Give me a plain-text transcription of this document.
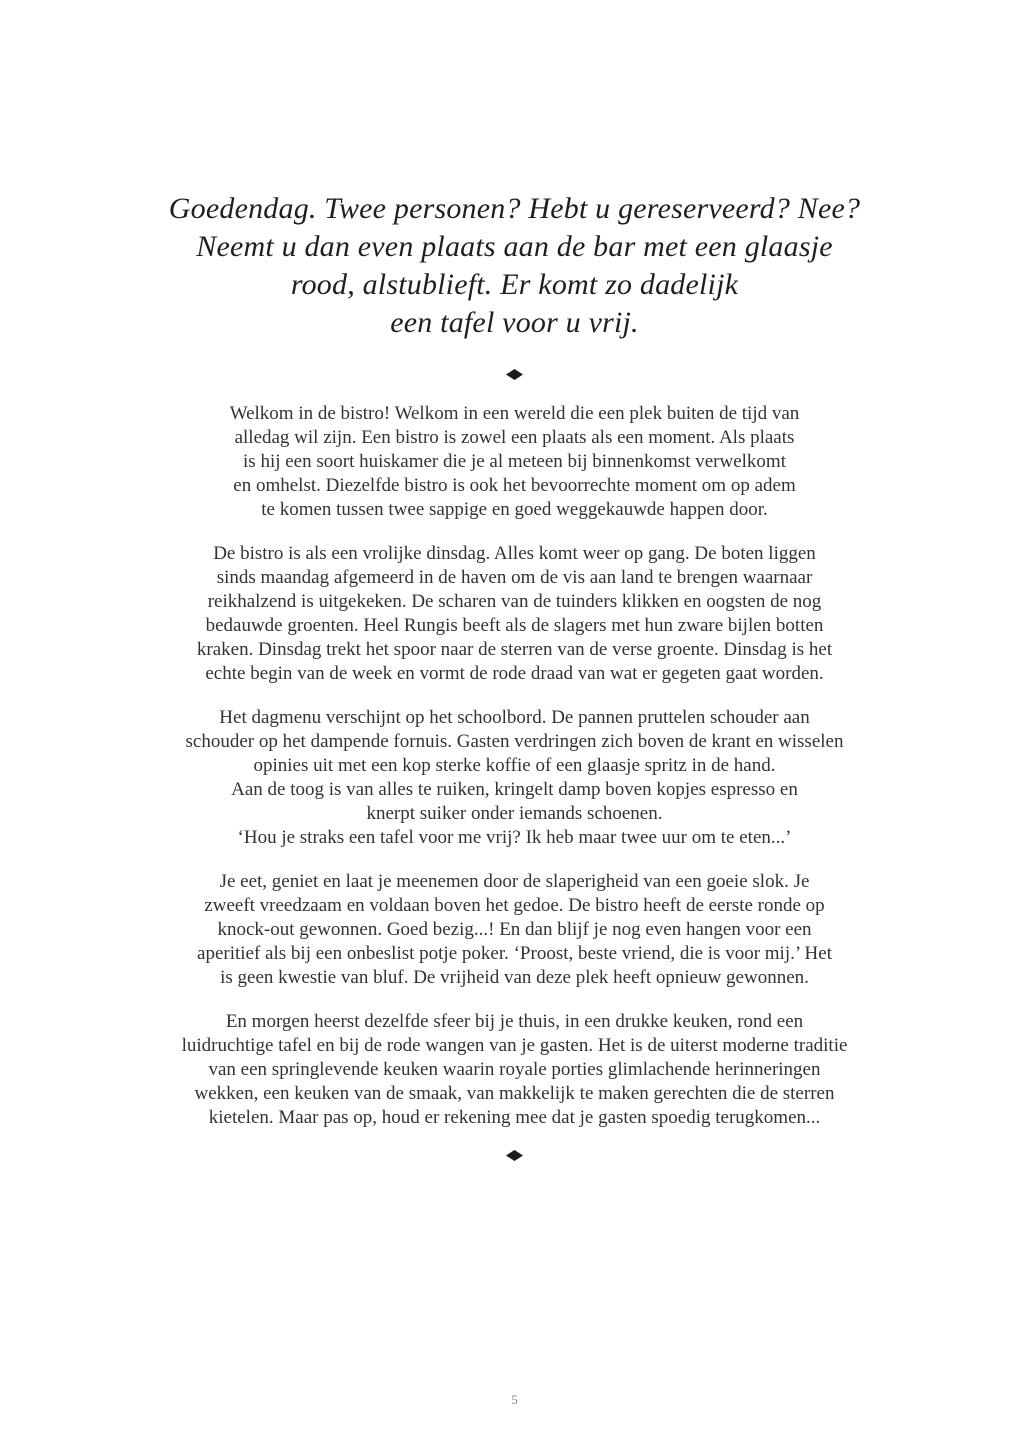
Goedendag. Twee personen? Hebt u gereserveerd? Nee?
Neemt u dan even plaats aan de bar met een glaasje
rood, alstublieft. Er komt zo dadelijk
een tafel voor u vrij.
Welkom in de bistro! Welkom in een wereld die een plek buiten de tijd van
alledag wil zijn. Een bistro is zowel een plaats als een moment. Als plaats
is hij een soort huiskamer die je al meteen bij binnenkomst verwelkomt
en omhelst. Diezelfde bistro is ook het bevoorrechte moment om op adem
te komen tussen twee sappige en goed weggekauwde happen door.
De bistro is als een vrolijke dinsdag. Alles komt weer op gang. De boten liggen
sinds maandag afgemeerd in de haven om de vis aan land te brengen waarnaar
reikhalzend is uitgekeken. De scharen van de tuinders klikken en oogsten de nog
bedauwde groenten. Heel Rungis beeft als de slagers met hun zware bijlen botten
kraken. Dinsdag trekt het spoor naar de sterren van de verse groente. Dinsdag is het
echte begin van de week en vormt de rode draad van wat er gegeten gaat worden.
Het dagmenu verschijnt op het schoolbord. De pannen pruttelen schouder aan
schouder op het dampende fornuis. Gasten verdringen zich boven de krant en wisselen
opinies uit met een kop sterke koffie of een glaasje spritz in de hand.
Aan de toog is van alles te ruiken, kringelt damp boven kopjes espresso en
knerpt suiker onder iemands schoenen.
‘Hou je straks een tafel voor me vrij? Ik heb maar twee uur om te eten...’
Je eet, geniet en laat je meenemen door de slaperigheid van een goeie slok. Je
zweeft vreedzaam en voldaan boven het gedoe. De bistro heeft de eerste ronde op
knock-out gewonnen. Goed bezig...! En dan blijf je nog even hangen voor een
aperitief als bij een onbeslist potje poker. ‘Proost, beste vriend, die is voor mij.’ Het
is geen kwestie van bluf. De vrijheid van deze plek heeft opnieuw gewonnen.
En morgen heerst dezelfde sfeer bij je thuis, in een drukke keuken, rond een
luidruchtige tafel en bij de rode wangen van je gasten. Het is de uiterst moderne traditie
van een springlevende keuken waarin royale porties glimlachende herinneringen
wekken, een keuken van de smaak, van makkelijk te maken gerechten die de sterren
kietelen. Maar pas op, houd er rekening mee dat je gasten spoedig terugkomen...
5
